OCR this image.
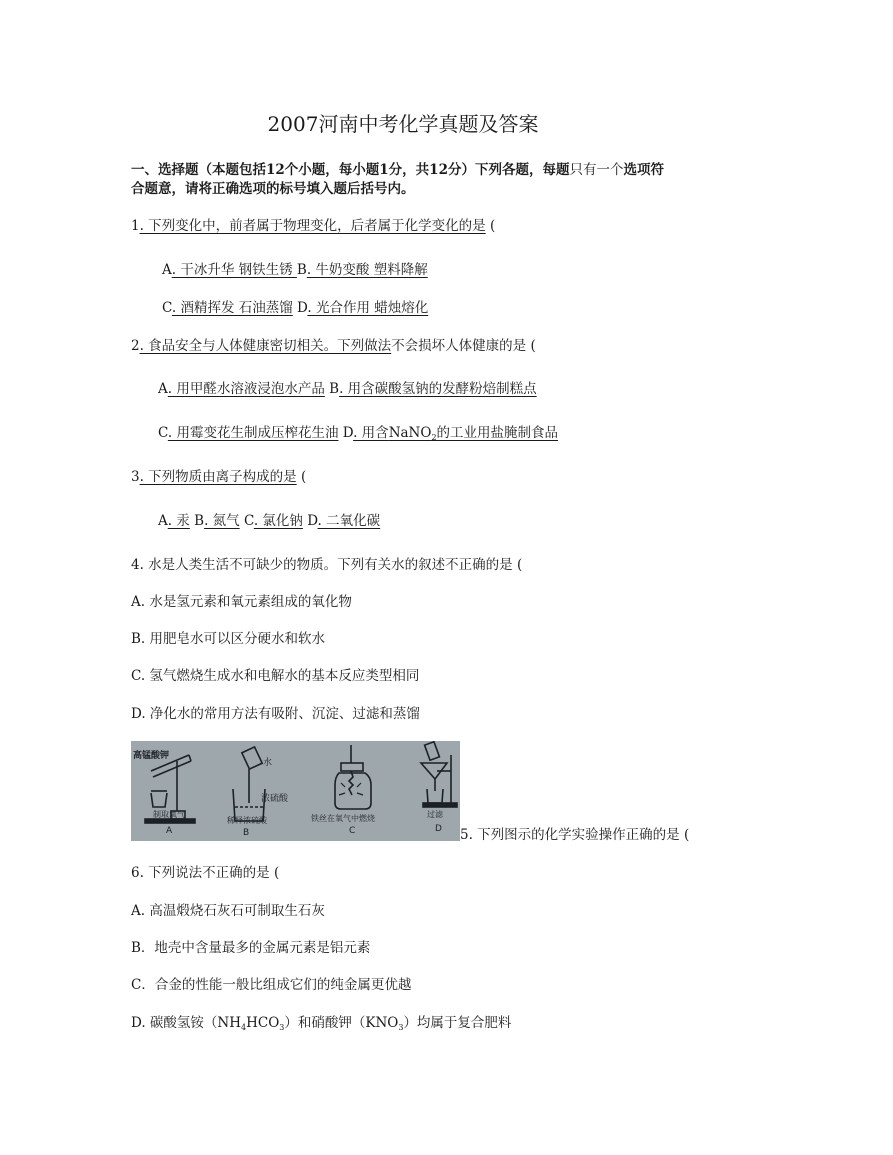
2007河南中考化学真题及答案
一、选择题（本题包括12个小题，每小题1分，共12分）下列各题，每题只有一个选项符
合题意，请将正确选项的标号填入题后括号内。
1. 下列变化中，前者属于物理变化，后者属于化学变化的是 (
A. 干冰升华 钢铁生锈 B. 牛奶变酸 塑料降解
C. 酒精挥发 石油蒸馏 D. 光合作用 蜡烛熔化
2. 食品安全与人体健康密切相关。下列做法不会损坏人体健康的是 (
A. 用甲醛水溶液浸泡水产品 B. 用含碳酸氢钠的发酵粉焙制糕点
C. 用霉变花生制成压榨花生油 D. 用含NaNO$_2$的工业用盐腌制食品
3. 下列物质由离子构成的是 (
A. 汞 B. 氮气 C. 氯化钠 D. 二氧化碳
4. 水是人类生活不可缺少的物质。下列有关水的叙述不正确的是 (
A. 水是氢元素和氧元素组成的氧化物
B. 用肥皂水可以区分硬水和软水
C. 氢气燃烧生成水和电解水的基本反应类型相同
D. 净化水的常用方法有吸附、沉淀、过滤和蒸馏
高锰酸钾
制取氧气
A
水
浓硫酸
稀释浓硫酸
B
铁丝在氧气中燃烧
C
过滤
D 5. 下列图示的化学实验操作正确的是 (
6. 下列说法不正确的是 (
A. 高温煅烧石灰石可制取生石灰
B．地壳中含量最多的金属元素是铝元素
C．合金的性能一般比组成它们的纯金属更优越
D. 碳酸氢铵$(NH_4HCO_3)$和硝酸钾$(KNO_3)$均属于复合肥料
